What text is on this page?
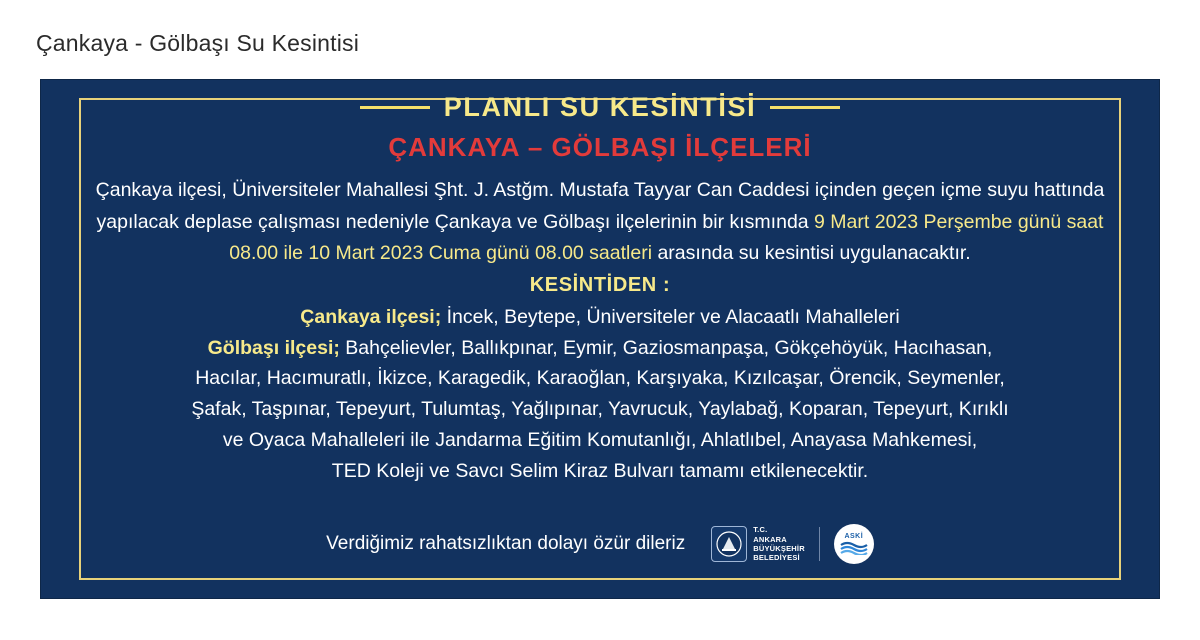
Çankaya - Gölbaşı Su Kesintisi
PLANLI SU KESİNTİSİ
ÇANKAYA – GÖLBAŞI İLÇELERİ
Çankaya ilçesi, Üniversiteler Mahallesi Şht. J. Astğm. Mustafa Tayyar Can Caddesi içinden geçen içme suyu hattında yapılacak deplase çalışması nedeniyle Çankaya ve Gölbaşı ilçelerinin bir kısmında 9 Mart 2023 Perşembe günü saat 08.00 ile 10 Mart 2023 Cuma günü 08.00 saatleri arasında su kesintisi uygulanacaktır.
KESİNTİDEN :
Çankaya ilçesi; İncek, Beytepe, Üniversiteler ve Alacaatlı Mahalleleri
Gölbaşı ilçesi; Bahçelievler, Ballıkpınar, Eymir, Gaziosmanpaşa, Gökçehöyük, Hacıhasan,
Hacılar, Hacımuratlı, İkizce, Karagedik, Karaoğlan, Karşıyaka, Kızılcaşar, Örencik, Seymenler,
Şafak, Taşpınar, Tepeyurt, Tulumtaş, Yağlıpınar, Yavrucuk, Yaylabağ, Koparan, Tepeyurt, Kırıklı
ve Oyaca Mahalleleri ile Jandarma Eğitim Komutanlığı, Ahlatlıbel, Anayasa Mahkemesi,
TED Koleji ve Savcı Selim Kiraz Bulvarı tamamı etkilenecektir.
Verdiğimiz rahatsızlıktan dolayı özür dileriz
T.C.
ANKARA
BÜYÜKŞEHİR
BELEDİYESİ
ASKİ
